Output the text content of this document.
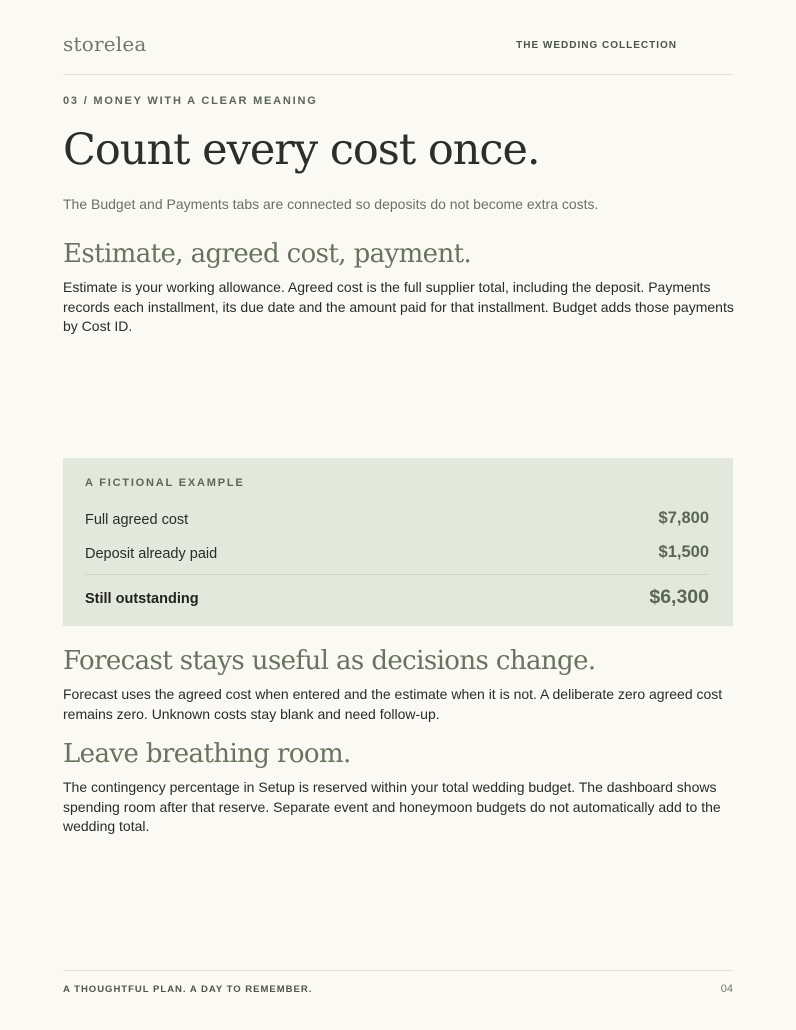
storelea	THE WEDDING COLLECTION
03 / MONEY WITH A CLEAR MEANING
Count every cost once.
The Budget and Payments tabs are connected so deposits do not become extra costs.
Estimate, agreed cost, payment.

Estimate is your working allowance. Agreed cost is the full supplier total, including the deposit. Payments records each installment, its due date and the amount paid for that installment. Budget adds those payments by Cost ID.

A FICTIONAL EXAMPLE
Full agreed cost	$7,800
Deposit already paid	$1,500
Still outstanding	$6,300
Forecast stays useful as decisions change.

Forecast uses the agreed cost when entered and the estimate when it is not. A deliberate zero agreed cost remains zero. Unknown costs stay blank and need follow-up.

Leave breathing room.

The contingency percentage in Setup is reserved within your total wedding budget. The dashboard shows spending room after that reserve. Separate event and honeymoon budgets do not automatically add to the wedding total.

A THOUGHTFUL PLAN. A DAY TO REMEMBER.	04
